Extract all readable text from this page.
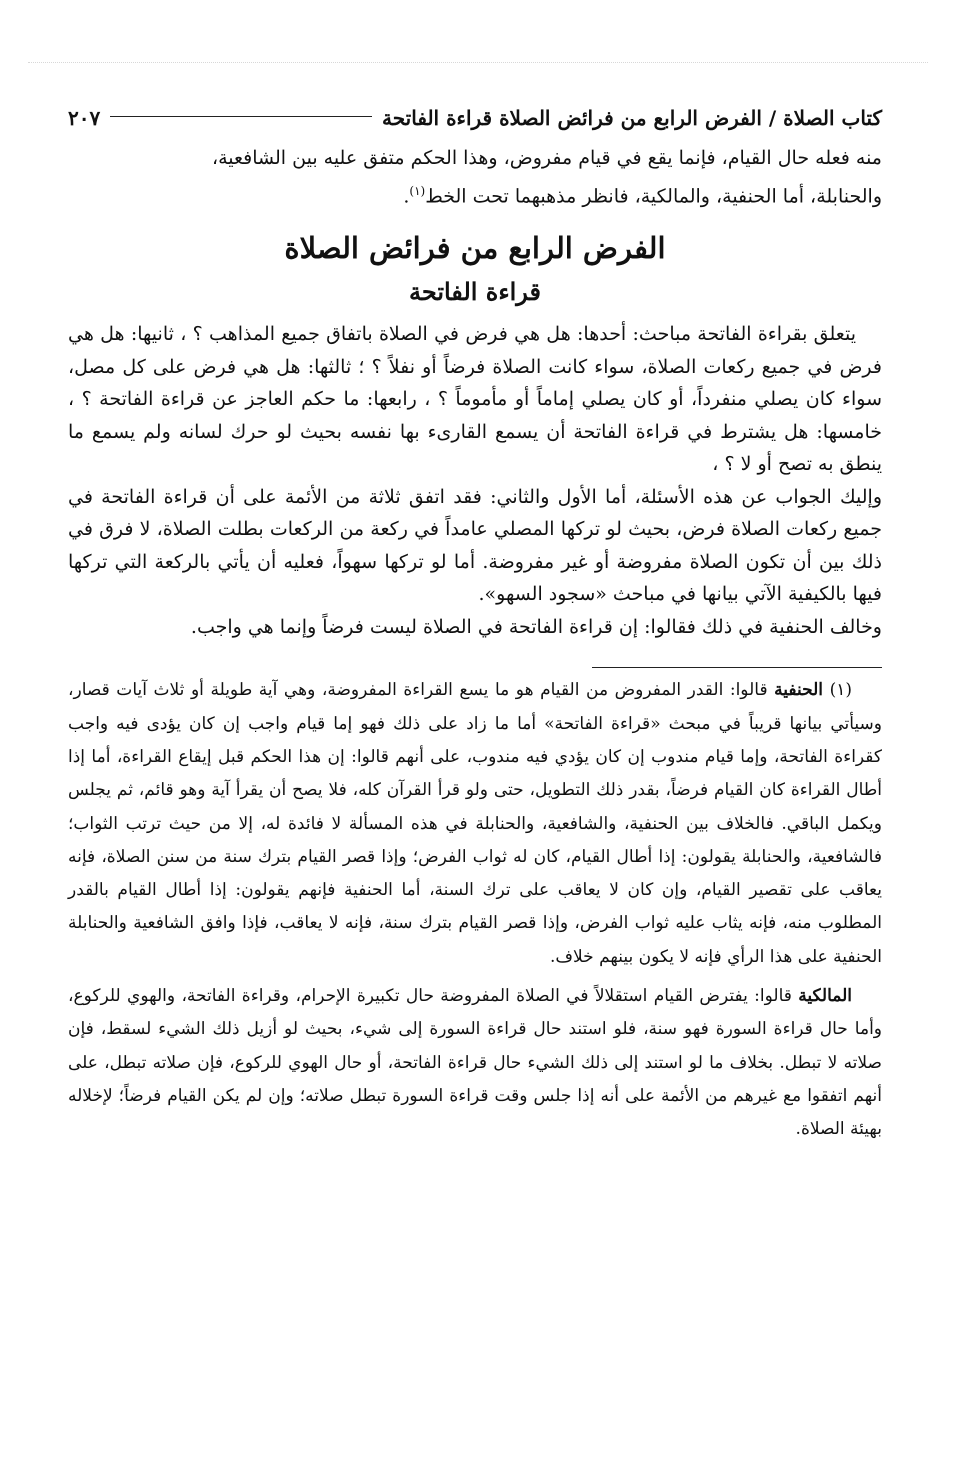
كتاب الصلاة / الفرض الرابع من فرائض الصلاة قراءة الفاتحة
٢٠٧

منه فعله حال القيام، فإنما يقع في قيام مفروض، وهذا الحكم متفق عليه بين الشافعية،

والحنابلة، أما الحنفية، والمالكية، فانظر مذهبهما تحت الخط$^{(١)}$.

الفرض الرابع من فرائض الصلاة
قراءة الفاتحة

يتعلق بقراءة الفاتحة مباحث: أحدها: هل هي فرض في الصلاة باتفاق جميع المذاهب ؟ ، ثانيها: هل هي فرض في جميع ركعات الصلاة، سواء كانت الصلاة فرضاً أو نفلاً ؟ ؛ ثالثها: هل هي فرض على كل مصل، سواء كان يصلي منفرداً، أو كان يصلي إماماً أو مأموماً ؟ ، رابعها: ما حكم العاجز عن قراءة الفاتحة ؟ ، خامسها: هل يشترط في قراءة الفاتحة أن يسمع القارىء بها نفسه بحيث لو حرك لسانه ولم يسمع ما ينطق به تصح أو لا ؟ ،

وإليك الجواب عن هذه الأسئلة، أما الأول والثاني: فقد اتفق ثلاثة من الأئمة على أن قراءة الفاتحة في جميع ركعات الصلاة فرض، بحيث لو تركها المصلي عامداً في ركعة من الركعات بطلت الصلاة، لا فرق في ذلك بين أن تكون الصلاة مفروضة أو غير مفروضة. أما لو تركها سهواً، فعليه أن يأتي بالركعة التي تركها فيها بالكيفية الآتي بيانها في مباحث «سجود السهو».

وخالف الحنفية في ذلك فقالوا: إن قراءة الفاتحة في الصلاة ليست فرضاً وإنما هي واجب.

(١) الحنفية قالوا: القدر المفروض من القيام هو ما يسع القراءة المفروضة، وهي آية طويلة أو ثلاث آيات قصار، وسيأتي بيانها قريباً في مبحث «قراءة الفاتحة» أما ما زاد على ذلك فهو إما قيام واجب إن كان يؤدى فيه واجب كقراءة الفاتحة، وإما قيام مندوب إن كان يؤدي فيه مندوب، على أنهم قالوا: إن هذا الحكم قبل إيقاع القراءة، أما إذا أطال القراءة كان القيام فرضاً، بقدر ذلك التطويل، حتى ولو قرأ القرآن كله، فلا يصح أن يقرأ آية وهو قائم، ثم يجلس ويكمل الباقي. فالخلاف بين الحنفية، والشافعية، والحنابلة في هذه المسألة لا فائدة له، إلا من حيث ترتب الثواب؛ فالشافعية، والحنابلة يقولون: إذا أطال القيام، كان له ثواب الفرض؛ وإذا قصر القيام بترك سنة من سنن الصلاة، فإنه يعاقب على تقصير القيام، وإن كان لا يعاقب على ترك السنة، أما الحنفية فإنهم يقولون: إذا أطال القيام بالقدر المطلوب منه، فإنه يثاب عليه ثواب الفرض، وإذا قصر القيام بترك سنة، فإنه لا يعاقب، فإذا وافق الشافعية والحنابلة الحنفية على هذا الرأي فإنه لا يكون بينهم خلاف.

المالكية قالوا: يفترض القيام استقلالاً في الصلاة المفروضة حال تكبيرة الإحرام، وقراءة الفاتحة، والهوي للركوع، وأما حال قراءة السورة فهو سنة، فلو استند حال قراءة السورة إلى شيء، بحيث لو أزيل ذلك الشيء لسقط، فإن صلاته لا تبطل. بخلاف ما لو استند إلى ذلك الشيء حال قراءة الفاتحة، أو حال الهوي للركوع، فإن صلاته تبطل، على أنهم اتفقوا مع غيرهم من الأئمة على أنه إذا جلس وقت قراءة السورة تبطل صلاته؛ وإن لم يكن القيام فرضاً؛ لإخلاله بهيئة الصلاة.
